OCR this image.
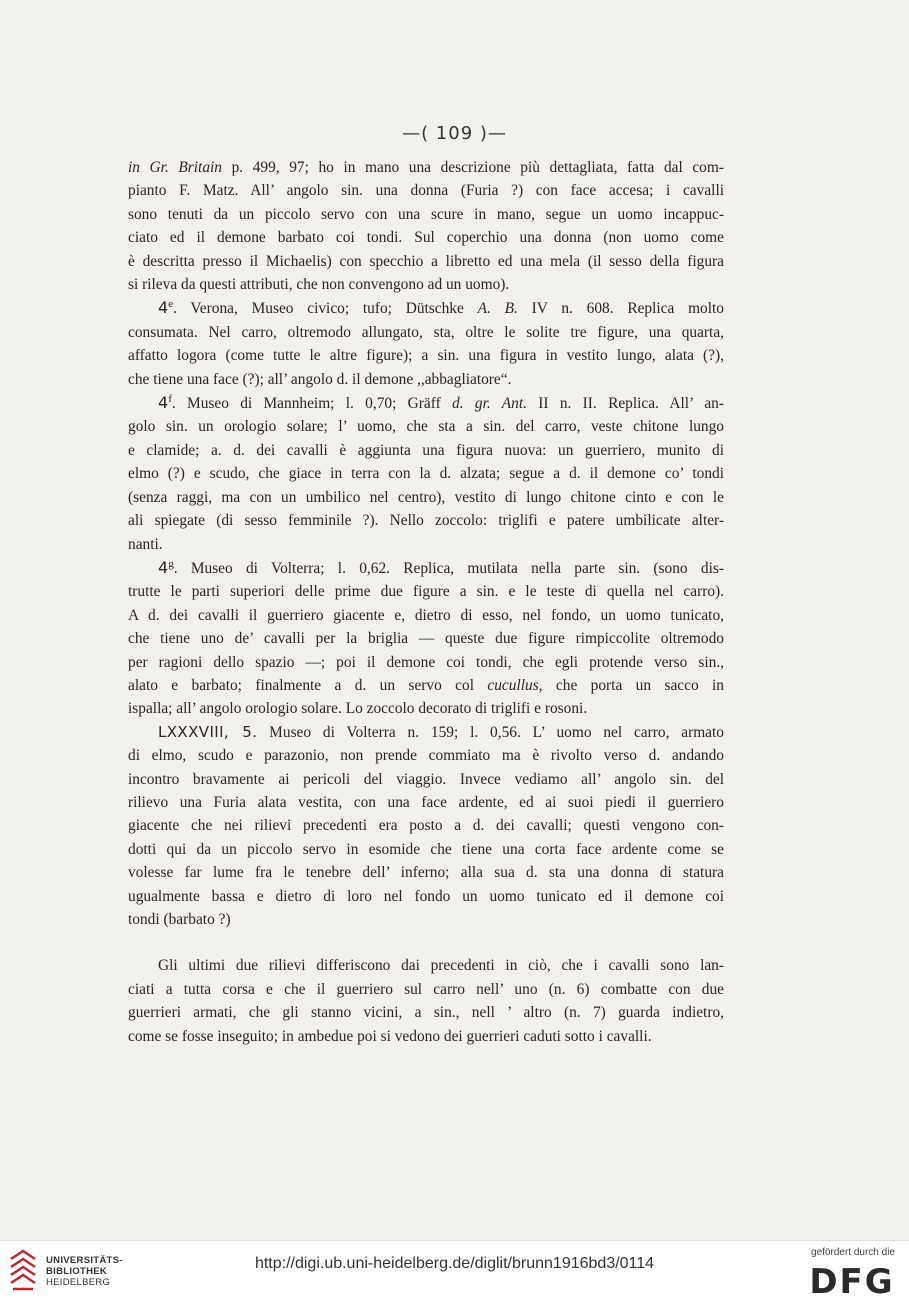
—( 109 )—
in Gr. Britain p. 499, 97; ho in mano una descrizione più dettagliata, fatta dal com-
pianto F. Matz. All’ angolo sin. una donna (Furia ?) con face accesa; i cavalli
sono tenuti da un piccolo servo con una scure in mano, segue un uomo incappuc-
ciato ed il demone barbato coi tondi. Sul coperchio una donna (non uomo come
è descritta presso il Michaelis) con specchio a libretto ed una mela (il sesso della figura
si rileva da questi attributi, che non convengono ad un uomo).
4e. Verona, Museo civico; tufo; Dütschke A. B. IV n. 608. Replica molto
consumata. Nel carro, oltremodo allungato, sta, oltre le solite tre figure, una quarta,
affatto logora (come tutte le altre figure); a sin. una figura in vestito lungo, alata (?),
che tiene una face (?); all’ angolo d. il demone ,,abbagliatore“.
4$^f$. Museo di Mannheim; l. 0,70; Gräff d. gr. Ant. II n. II. Replica. All’ an-
golo sin. un orologio solare; l’ uomo, che sta a sin. del carro, veste chitone lungo
e clamide; a. d. dei cavalli è aggiunta una figura nuova: un guerriero, munito di
elmo (?) e scudo, che giace in terra con la d. alzata; segue a d. il demone co’ tondi
(senza raggi, ma con un umbilico nel centro), vestito di lungo chitone cinto e con le
ali spiegate (di sesso femminile ?). Nello zoccolo: triglifi e patere umbilicate alter-
nanti.
4$^g$. Museo di Volterra; l. 0,62. Replica, mutilata nella parte sin. (sono dis-
trutte le parti superiori delle prime due figure a sin. e le teste di quella nel carro).
A d. dei cavalli il guerriero giacente e, dietro di esso, nel fondo, un uomo tunicato,
che tiene uno de’ cavalli per la briglia — queste due figure rimpiccolite oltremodo
per ragioni dello spazio —; poi il demone coi tondi, che egli protende verso sin.,
alato e barbato; finalmente a d. un servo col cucullus, che porta un sacco in
ispalla; all’ angolo orologio solare. Lo zoccolo decorato di triglifi e rosoni.
LXXXVIII, 5. Museo di Volterra n. 159; l. 0,56. L’ uomo nel carro, armato
di elmo, scudo e parazonio, non prende commiato ma è rivolto verso d. andando
incontro bravamente ai pericoli del viaggio. Invece vediamo all’ angolo sin. del
rilievo una Furia alata vestita, con una face ardente, ed ai suoi piedi il guerriero
giacente che nei rilievi precedenti era posto a d. dei cavalli; questi vengono con-
dotti qui da un piccolo servo in esomide che tiene una corta face ardente come se
volesse far lume fra le tenebre dell’ inferno; alla sua d. sta una donna di statura
ugualmente bassa e dietro di loro nel fondo un uomo tunicato ed il demone coi
tondi (barbato ?)
Gli ultimi due rilievi differiscono dai precedenti in ciò, che i cavalli sono lan-
ciati a tutta corsa e che il guerriero sul carro nell’ uno (n. 6) combatte con due
guerrieri armati, che gli stanno vicini, a sin., nell ’ altro (n. 7) guarda indietro,
come se fosse inseguito; in ambedue poi si vedono dei guerrieri caduti sotto i cavalli.
UNIVERSITÄTS-
BIBLIOTHEK
HEIDELBERG
http://digi.ub.uni-heidelberg.de/diglit/brunn1916bd3/0114
gefördert durch die
DFG
